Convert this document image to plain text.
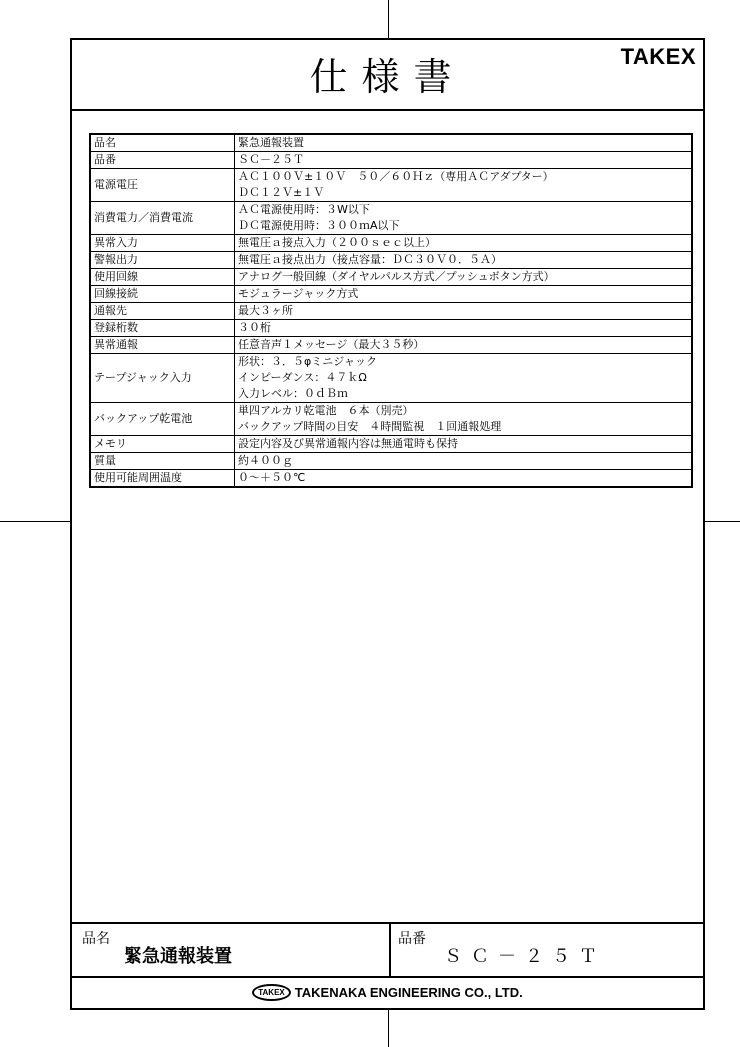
仕様書	TAKEX
品名	緊急通報装置

品番	ＳＣ－２５Ｔ

電源電圧	ＡＣ１００Ｖ±１０Ｖ　５０／６０Ｈｚ（専用ＡＣアダプター）
ＤＣ１２Ｖ±１Ｖ

消費電力／消費電流	ＡＣ電源使用時：３W以下
ＤＣ電源使用時：３００ｍA以下

異常入力	無電圧ａ接点入力（２００ｓｅｃ以上）

警報出力	無電圧ａ接点出力（接点容量：ＤＣ３０Ｖ０．５Ａ）

使用回線	アナログ一般回線（ダイヤルパルス方式／プッシュボタン方式）

回線接続	モジュラージャック方式

通報先	最大３ヶ所

登録桁数	３０桁

異常通報	任意音声１メッセージ（最大３５秒）

テープジャック入力	形状：３．５φミニジャック
インピーダンス：４７ｋΩ
入力レベル：０ｄＢｍ

バックアップ乾電池	単四アルカリ乾電池　６本（別売）
バックアップ時間の目安　４時間監視　１回通報処理

メモリ	設定内容及び異常通報内容は無通電時も保持

質量	約４００ｇ

使用可能周囲温度	０～＋５０℃
品名
緊急通報装置
品番
ＳＣ－２５Ｔ
TAKEX TAKENAKA ENGINEERING CO., LTD.
